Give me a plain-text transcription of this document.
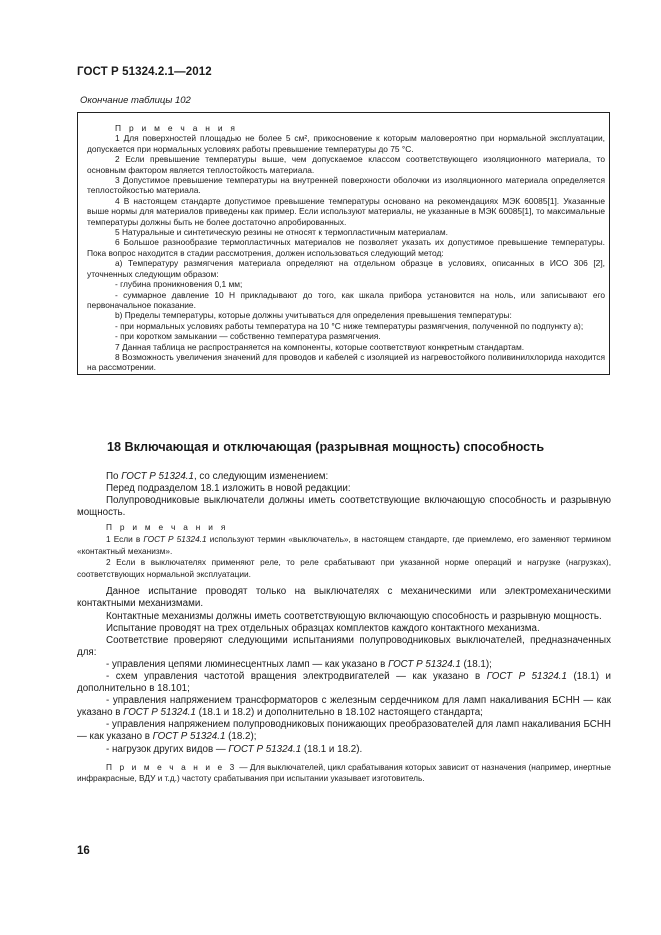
ГОСТ Р 51324.2.1—2012
Окончание таблицы 102

П р и м е ч а н и я

1 Для поверхностей площадью не более 5 см², прикосновение к которым маловероятно при нормальной эксплуатации, допускается при нормальных условиях работы превышение температуры до 75 °С.

2 Если превышение температуры выше, чем допускаемое классом соответствующего изоляционного материала, то основным фактором является теплостойкость материала.

3 Допустимое превышение температуры на внутренней поверхности оболочки из изоляционного материала определяется теплостойкостью материала.

4 В настоящем стандарте допустимое превышение температуры основано на рекомендациях МЭК 60085[1]. Указанные выше нормы для материалов приведены как пример. Если используют материалы, не указанные в МЭК 60085[1], то максимальные температуры должны быть не более достаточно апробированных.

5 Натуральные и синтетическую резины не относят к термопластичным материалам.

6 Большое разнообразие термопластичных материалов не позволяет указать их допустимое превышение температуры. Пока вопрос находится в стадии рассмотрения, должен использоваться следующий метод:

а) Температуру размягчения материала определяют на отдельном образце в условиях, описанных в ИСО 306 [2], уточненных следующим образом:

- глубина проникновения 0,1 мм;

- суммарное давление 10 Н прикладывают до того, как шкала прибора установится на ноль, или записывают его первоначальное показание.

b) Пределы температуры, которые должны учитываться для определения превышения температуры:

- при нормальных условиях работы температура на 10 °С ниже температуры размягчения, полученной по подпункту а);

- при коротком замыкании — собственно температура размягчения.

7 Данная таблица не распространяется на компоненты, которые соответствуют конкретным стандартам.

8 Возможность увеличения значений для проводов и кабелей с изоляцией из нагревостойкого поливинилхлорида находится на рассмотрении.

18 Включающая и отключающая (разрывная мощность) способность

По ГОСТ Р 51324.1, со следующим изменением:

Перед подразделом 18.1 изложить в новой редакции:

Полупроводниковые выключатели должны иметь соответствующие включающую способность и разрывную мощность.

П р и м е ч а н и я

1 Если в ГОСТ Р 51324.1 используют термин «выключатель», в настоящем стандарте, где приемлемо, его заменяют термином «контактный механизм».

2 Если в выключателях применяют реле, то реле срабатывают при указанной норме операций и нагрузке (нагрузках), соответствующих нормальной эксплуатации.

Данное испытание проводят только на выключателях с механическими или электромеханическими контактными механизмами.

Контактные механизмы должны иметь соответствующую включающую способность и разрывную мощность.

Испытание проводят на трех отдельных образцах комплектов каждого контактного механизма.

Соответствие проверяют следующими испытаниями полупроводниковых выключателей, предназначенных для:

- управления цепями люминесцентных ламп — как указано в ГОСТ Р 51324.1 (18.1);

- схем управления частотой вращения электродвигателей — как указано в ГОСТ Р 51324.1 (18.1) и дополнительно в 18.101;

- управления напряжением трансформаторов с железным сердечником для ламп накаливания БСНН — как указано в ГОСТ Р 51324.1 (18.1 и 18.2) и дополнительно в 18.102 настоящего стандарта;

- управления напряжением полупроводниковых понижающих преобразователей для ламп накаливания БСНН — как указано в ГОСТ Р 51324.1 (18.2);

- нагрузок других видов — ГОСТ Р 51324.1 (18.1 и 18.2).

П р и м е ч а н и е 3 — Для выключателей, цикл срабатывания которых зависит от назначения (например, инертные инфракрасные, ВДУ и т.д.) частоту срабатывания при испытании указывает изготовитель.

16
